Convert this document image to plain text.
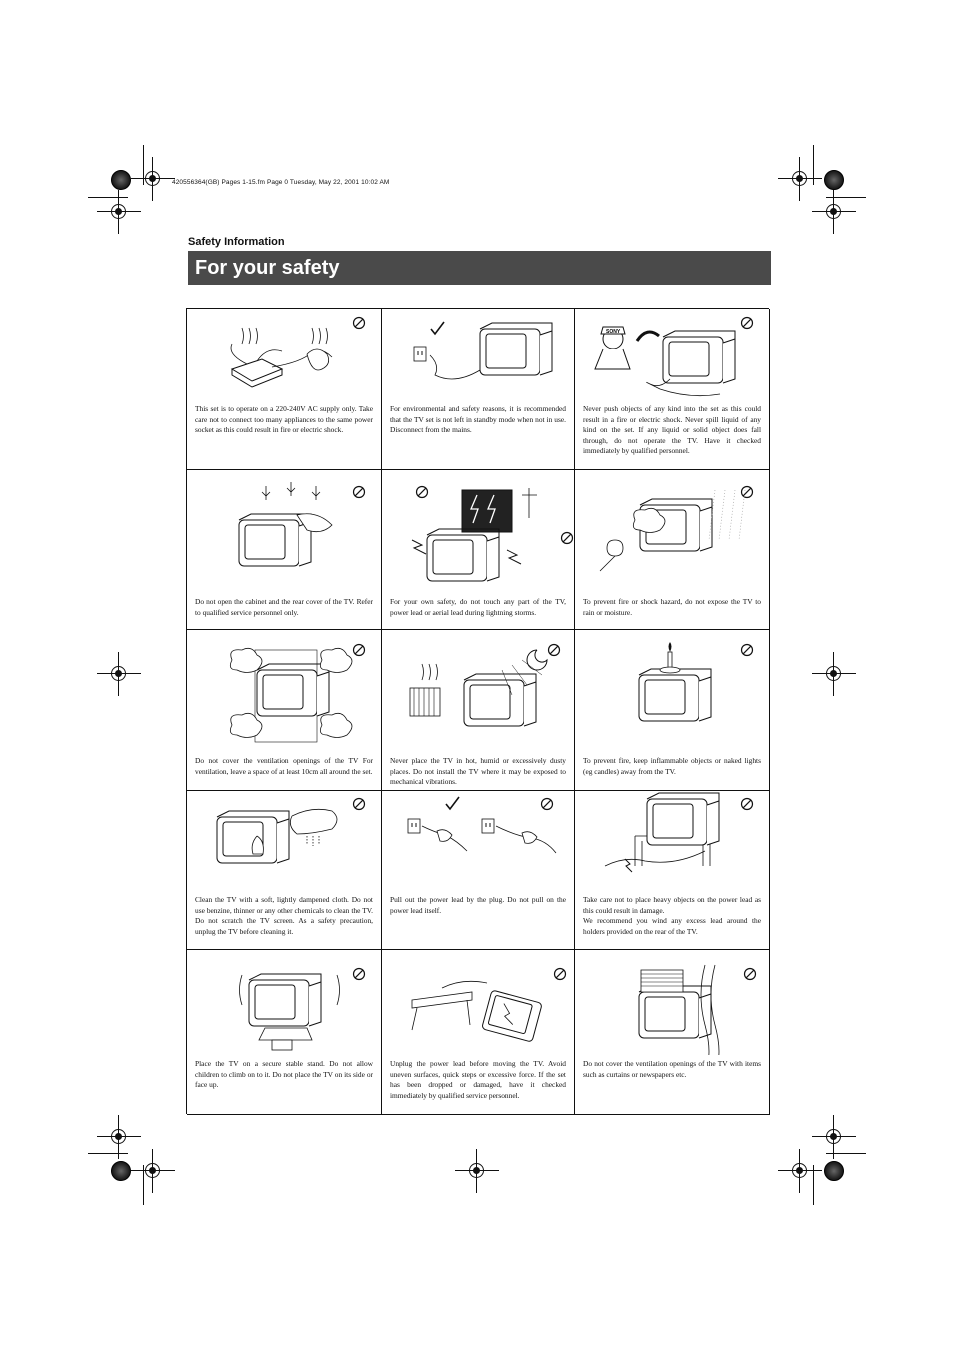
420556364(GB) Pages 1-15.fm Page 0 Tuesday, May 22, 2001 10:02 AM
Safety Information
For your safety
This set is to operate on a 220-240V AC supply only. Take care not to connect too many appliances to the same power socket as this could result in fire or electric shock.
For environmental and safety reasons, it is recommended that the TV set is not left in standby mode when not in use. Disconnect from the mains.
SONY
Never push objects of any kind into the set as this could result in a fire or electric shock. Never spill liquid of any kind on the set. If any liquid or solid object does fall through, do not operate the TV. Have it checked immediately by qualified personnel.
Do not open the cabinet and the rear cover of the TV. Refer to qualified service personnel only.
For your own safety, do not touch any part of the TV, power lead or aerial lead during lightning storms.
To prevent fire or shock hazard, do not expose the TV to rain or moisture.
Do not cover the ventilation openings of the TV For ventilation, leave a space of at least 10cm all around the set.
Never place the TV in hot, humid or excessively dusty places. Do not install the TV where it may be exposed to mechanical vibrations.
To prevent fire, keep inflammable objects or naked lights (eg candles) away from the TV.
Clean the TV with a soft, lightly dampened cloth. Do not use benzine, thinner or any other chemicals to clean the TV. Do not scratch the TV screen. As a safety precaution, unplug the TV before cleaning it.
Pull out the power lead by the plug. Do not pull on the power lead itself.
Take care not to place heavy objects on the power lead as this could result in damage.
We recommend you wind any excess lead around the holders provided on the rear of the TV.
Place the TV on a secure stable stand. Do not allow children to climb on to it. Do not place the TV on its side or face up.
Unplug the power lead before moving the TV. Avoid uneven surfaces, quick steps or excessive force. If the set has been dropped or damaged, have it checked immediately by qualified service personnel.
Do not cover the ventilation openings of the TV with items such as curtains or newspapers etc.
